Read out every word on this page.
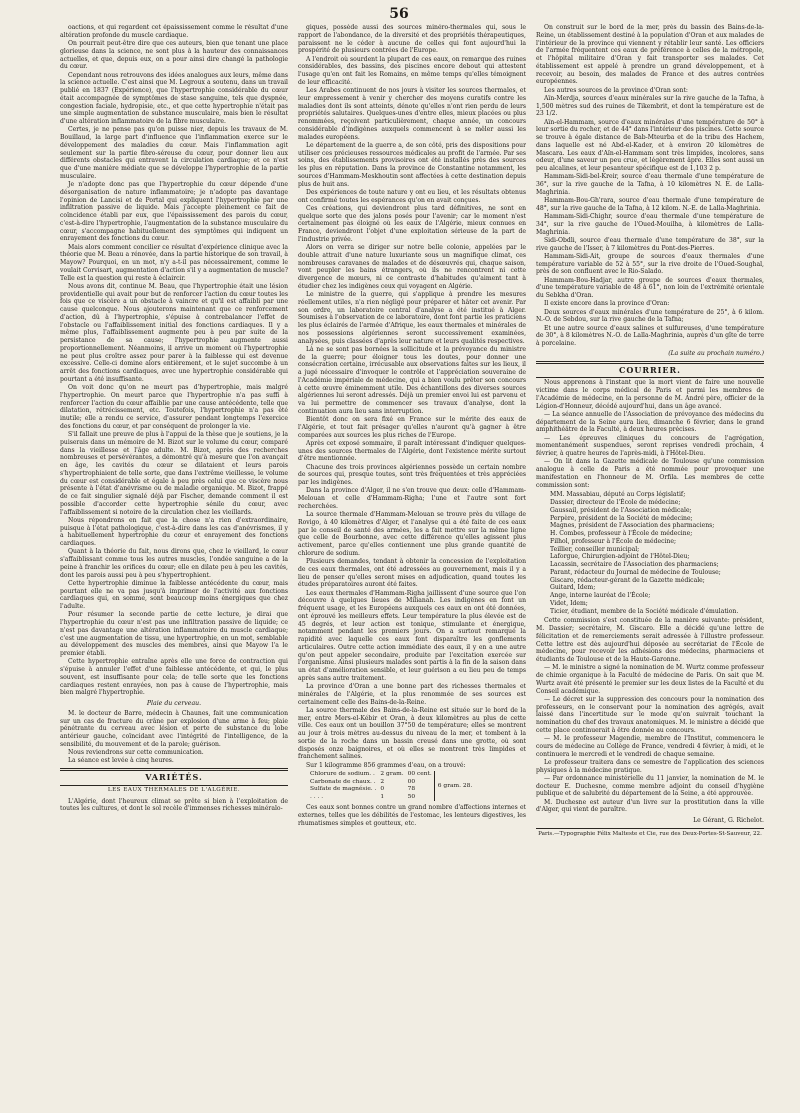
56

oactions, et qui regardent cet épaississement comme le résultat d'une altération profonde du muscle cardiaque.

On pourrait peut-être dire que ces auteurs, bien que tenant une place glorieuse dans la science, ne sont plus à la hauteur des connaissances actuelles, et que, depuis eux, on a pour ainsi dire changé la pathologie du cœur.

Cependant nous retrouvons des idées analogues aux leurs, même dans la science actuelle. C'est ainsi que M. Legroux a soutenu, dans un travail publié en 1837 (Expérience), que l'hypertrophie considérable du cœur était accompagnée de symptômes de stase sanguine, tels que dyspnée, congestion faciale, hydropisie, etc., et que cette hypertrophie n'était pas une simple augmentation de substance musculaire, mais bien le résultat d'une altération inflammatoire de la fibre musculaire.

Certes, je ne pense pas qu'on puisse nier, depuis les travaux de M. Bouillaud, la large part d'influence que l'inflammation exerce sur le développement des maladies du cœur. Mais l'inflammation agit seulement sur la partie fibro-séreuse du cœur, pour donner lieu aux différents obstacles qui entravent la circulation cardiaque; et ce n'est que d'une manière médiate que se développe l'hypertrophie de la partie musculaire.

Je n'adopte donc pas que l'hypertrophie du cœur dépende d'une désorganisation de nature inflammatoire; je n'adopte pas davantage l'opinion de Lancisi et de Portal qui expliquent l'hypertrophie par une infiltration passive de liquide. Mais j'accepte pleinement ce fait de coïncidence établi par eux, que l'épaississement des parois du cœur, c'est-à-dire l'hypertrophie, l'augmentation de la substance musculaire du cœur, s'accompagne habituellement des symptômes qui indiquent un enrayement des fonctions du cœur.

Mais alors comment concilier ce résultat d'expérience clinique avec la théorie que M. Beau a rénovée, dans la partie historique de son travail, à Mayow? Pourquoi, en un mot, n'y a-t-il pas nécessairement, comme le voulait Corvisart, augmentation d'action s'il y a augmentation de muscle? Telle est la question qui reste à éclaircir.

Nous avons dit, continue M. Beau, que l'hypertrophie était une lésion providentielle qui avait pour but de renforcer l'action du cœur toutes les fois que ce viscère a un obstacle à vaincre et qu'il est affaibli par une cause quelconque. Nous ajouterons maintenant que ce renforcement d'action, dû à l'hypertrophie, s'épuise à contrebalancer l'effet de l'obstacle ou l'affaiblissement initial des fonctions cardiaques. Il y a même plus, l'affaiblissement augmente peu à peu par suite de la persistance de sa cause; l'hypertrophie augmente aussi proportionnellement. Néanmoins, il arrive un moment où l'hypertrophie ne peut plus croître assez pour parer à la faiblesse qui est devenue excessive. Celle-ci domine alors entièrement, et le sujet succombe à un arrêt des fonctions cardiaques, avec une hypertrophie considérable qui pourtant a été insuffisante.

On voit donc qu'on ne meurt pas d'hypertrophie, mais malgré l'hypertrophie. On meurt parce que l'hypertrophie n'a pas suffi à renforcer l'action du cœur affaiblie par une cause antécédente, telle que dilatation, rétrécissement, etc. Toutefois, l'hypertrophie n'a pas été inutile; elle a rendu ce service, d'assurer pendant longtemps l'exercice des fonctions du cœur, et par conséquent de prolonger la vie.

S'il fallait une preuve de plus à l'appui de la thèse que je soutiens, je la puiserais dans un mémoire de M. Bizot sur le volume du cœur, comparé dans la vieillesse et l'âge adulte. M. Bizot, après des recherches nombreuses et persévérantes, a démontré qu'à mesure que l'on avançait en âge, les cavités du cœur se dilataient et leurs parois s'hypertrophiaient de telle sorte, que dans l'extrême vieillesse, le volume du cœur est considérable et égale à peu près celui que ce viscère nous présente à l'état d'anévrisme ou de maladie organique. M. Bizot, frappé de ce fait singulier signalé déjà par Fischer, demande comment il est possible d'accorder cette hypertrophie sénile du cœur, avec l'affaiblissement si notoire de la circulation chez les vieillards.

Nous répondrons en fait que la chose n'a rien d'extraordinaire, puisque à l'état pathologique, c'est-à-dire dans les cas d'anévrismes, il y a habituellement hypertrophie du cœur et enrayement des fonctions cardiaques.

Quant à la théorie du fait, nous dirons que, chez le vieillard, le cœur s'affaiblissant comme tous les autres muscles, l'ondée sanguine a de la peine à franchir les orifices du cœur; elle en dilate peu à peu les cavités, dont les parois aussi peu à peu s'hypertrophient.

Cette hypertrophie diminue la faiblesse antécédente du cœur, mais pourtant elle ne va pas jusqu'à imprimer de l'activité aux fonctions cardiaques qui, en somme, sont beaucoup moins énergiques que chez l'adulte.

Pour résumer la seconde partie de cette lecture, je dirai que l'hypertrophie du cœur n'est pas une infiltration passive de liquide; ce n'est pas davantage une altération inflammatoire du muscle cardiaque; c'est une augmentation de tissu, une hypertrophie, en un mot, semblable au développement des muscles des membres, ainsi que Mayow l'a le premier établi.

Cette hypertrophie entraîne après elle une force de contraction qui s'épuise à annuler l'effet d'une faiblesse antécédente, et qui, le plus souvent, est insuffisante pour cela; de telle sorte que les fonctions cardiaques restent enrayées, non pas à cause de l'hypertrophie, mais bien malgré l'hypertrophie.

Plaie du cerveau.

M. le docteur de Barre, médecin à Chaunes, fait une communication sur un cas de fracture du crâne par explosion d'une arme à feu; plaie pénétrante du cerveau avec lésion et perte de substance du lobe antérieur gauche, coïncidant avec l'intégrité de l'intelligence, de la sensibilité, du mouvement et de la parole; guérison.

Nous reviendrons sur cette communication.

La séance est levée à cinq heures.

VARIÉTÉS.
LES EAUX THERMALES DE L'ALGÉRIE.

L'Algérie, dont l'heureux climat se prête si bien à l'exploitation de toutes les cultures, et dont le sol recèle d'immenses richesses minéralo-

giques, possède aussi des sources minéro-thermales qui, sous le rapport de l'abondance, de la diversité et des propriétés thérapeutiques, paraissent ne le céder à aucune de celles qui font aujourd'hui la prospérité de plusieurs contrées de l'Europe.

A l'endroit où sourdent la plupart de ces eaux, on remarque des ruines considérables, des bassins, des piscines encore debout qui attestent l'usage qu'en ont fait les Romains, en même temps qu'elles témoignent de leur efficacité.

Les Arabes continuent de nos jours à visiter les sources thermales, et leur empressement à venir y chercher des moyens curatifs contre les maladies dont ils sont atteints, dénote qu'elles n'ont rien perdu de leurs propriétés salutaires. Quelques-unes d'entre elles, mieux placées ou plus renommées, reçoivent particulièrement, chaque année, un concours considérable d'indigènes auxquels commencent à se mêler aussi les malades européens.

Le département de la guerre a, de son côté, pris des dispositions pour utiliser ces précieuses ressources médicales au profit de l'armée. Par ses soins, des établissements provisoires ont été installés près des sources les plus en réputation. Dans la province de Constantine notamment, les sources d'Hammam-Meskhoutin sont affectées à cette destination depuis plus de huit ans.

Des expériences de toute nature y ont eu lieu, et les résultats obtenus ont confirmé toutes les espérances qu'on en avait conçues.

Ces créations, qui deviendront plus tard définitives, ne sont en quelque sorte que des jalons posés pour l'avenir; car le moment n'est certainement pas éloigné où les eaux de l'Algérie, mieux connues en France, deviendront l'objet d'une exploitation sérieuse de la part de l'industrie privée.

Alors on verra se diriger sur notre belle colonie, appelées par le double attrait d'une nature luxuriante sous un magnifique climat, ces nombreuses caravanes de malades et de désœuvrés qui, chaque saison, vont peupler les bains étrangers, où ils ne rencontrent ni cette divergence de mœurs, ni ce contraste d'habitudes qu'aiment tant à étudier chez les indigènes ceux qui voyagent en Algérie.

Le ministre de la guerre, qui s'applique à prendre les mesures réellement utiles, n'a rien négligé pour préparer et hâter cet avenir. Par son ordre, un laboratoire central d'analyse a été institué à Alger. Soumises à l'observation de ce laboratoire, dont font partie les praticiens les plus éclairés de l'armée d'Afrique, les eaux thermales et minérales de nos possessions algériennes seront successivement examinées, analysées, puis classées d'après leur nature et leurs qualités respectives.

Là ne se sont pas bornées la sollicitude et la prévoyance du ministre de la guerre; pour éloigner tous les doutes, pour donner une consécration certaine, irrécusable aux observations faites sur les lieux, il a jugé nécessaire d'invoquer le contrôle et l'appréciation souveraine de l'Académie impériale de médecine, qui a bien voulu prêter son concours à cette œuvre éminemment utile. Des échantillons des diverses sources algériennes lui seront adressés. Déjà un premier envoi lui est parvenu et va lui permettre de commencer ses travaux d'analyse, dont la continuation aura lieu sans interruption.

Bientôt donc on sera fixé en France sur le mérite des eaux de l'Algérie, et tout fait présager qu'elles n'auront qu'à gagner à être comparées aux sources les plus riches de l'Europe.

Après cet exposé sommaire, il paraît intéressant d'indiquer quelques-unes des sources thermales de l'Algérie, dont l'existence mérite surtout d'être mentionnée.

Chacune des trois provinces algériennes possède un certain nombre de sources qui, presque toutes, sont très fréquentées et très appréciées par les indigènes.

Dans la province d'Alger, il ne s'en trouve que deux: celle d'Hammam-Melouan et celle d'Hammam-Righa; l'une et l'autre sont fort recherchées.

La source thermale d'Hammam-Melouan se trouve près du village de Rovigo, à 40 kilomètres d'Alger, et l'analyse qui a été faite de ces eaux par le conseil de santé des armées, les a fait mettre sur la même ligne que celle de Bourbonne, avec cette différence qu'elles agissent plus activement, parce qu'elles contiennent une plus grande quantité de chlorure de sodium.

Plusieurs demandes, tendant à obtenir la concession de l'exploitation de ces eaux thermales, ont été adressées au gouvernement, mais il y a lieu de penser qu'elles seront mises en adjudication, quand toutes les études préparatoires auront été faites.

Les eaux thermales d'Hammam-Righa jaillissent d'une source que l'on découvre à quelques lieues de Milianah. Les indigènes en font un fréquent usage, et les Européens auxquels ces eaux en ont été données, ont éprouvé les meilleurs effets. Leur température la plus élevée est de 45 degrés, et leur action est tonique, stimulante et énergique, notamment pendant les premiers jours. On a surtout remarqué la rapidité avec laquelle ces eaux font disparaître les gonflements articulaires. Outre cette action immédiate des eaux, il y en a une autre qu'on peut appeler secondaire, produite par l'excitation exercée sur l'organisme. Ainsi plusieurs malades sont partis à la fin de la saison dans un état d'amélioration sensible, et leur guérison a eu lieu peu de temps après sans autre traitement.

La province d'Oran a une bonne part des richesses thermales et minérales de l'Algérie, et la plus renommée de ses sources est certainement celle des Bains-de-la-Reine.

La source thermale des Bains-de-la-Reine est située sur le bord de la mer, entre Mers-el-Kébir et Oran, à deux kilomètres au plus de cette ville. Ces eaux ont un bouillon 37°50 de température; elles se montrent au jour à trois mètres au-dessus du niveau de la mer, et tombent à la sortie de la roche dans un bassin creusé dans une grotte, où sont disposés onze baignoires, et où elles se montrent très limpides et franchement salines.

Sur 1 kilogramme 856 grammes d'eau, on a trouvé:

Chlorure de sodium. .	2 gram.	00 cent.	6 gram. 28.
Carbonate de chaux. .	2	00	
Sulfate de magnésie. .	0	78	
. . . .	1	50	

Ces eaux sont bonnes contre un grand nombre d'affections internes et externes, telles que les débilités de l'estomac, les lenteurs digestives, les rhumatismes simples et goutteux, etc.

On construit sur le bord de la mer, près du bassin des Bains-de-la-Reine, un établissement destiné à la population d'Oran et aux malades de l'intérieur de la province qui viennent y rétablir leur santé. Les officiers de l'armée fréquentent ces eaux de préférence à celles de la métropole, et l'hôpital militaire d'Oran y fait transporter ses malades. Cet établissement est appelé à prendre un grand développement, et à recevoir, au besoin, des malades de France et des autres contrées européennes.

Les autres sources de la province d'Oran sont:

Aïn-Merdja, sources d'eaux minérales sur la rive gauche de la Tafna, à 1,500 mètres sud des ruines de Tikembrit, et dont la température est de 23 1/2.

Aïn-el-Hammam, source d'eaux minérales d'une température de 50° à leur sortie du rocher, et de 44° dans l'intérieur des piscines. Cette source se trouve à égale distance de Bab-Mteurba et de la tribu des Hachem, dans laquelle est né Abd-el-Kader, et à environ 20 kilomètres de Mascara. Les eaux d'Aïn-el-Hammam sont très limpides, incolores, sans odeur, d'une saveur un peu crue, et légèrement âpre. Elles sont aussi un peu alcalines, et leur pesanteur spécifique est de 1,103 2 p.

Hammam-Sidi-bel-Kreir, source d'eau thermale d'une température de 36°, sur la rive gauche de la Tafna, à 10 kilomètres N. E. de Lalla-Maghrinia.

Hammam-Bou-Gh'rara, source d'eau thermale d'une température de 48°, sur la rive gauche de la Tafna, à 12 kilom. N.-E. de Lalla-Maghrinia.

Hammam-Sidi-Chighr, source d'eau thermale d'une température de 34°, sur la rive gauche de l'Oued-Mouilha, à kilomètres de Lalla-Maghrinia.

Sidi-Obdli, source d'eau thermale d'une température de 38°, sur la rive gauche de l'Isser, à 7 kilomètres du Pont-des-Pierres.

Hammam-Sidi-Ait, groupe de sources d'eaux thermales d'une température variable de 52 à 55°, sur la rive droite de l'Oued-Soughal, près de son confluent avec le Rio-Salado.

Hammam-Bou-Hadjar, autre groupe de sources d'eaux thermales, d'une température variable de 48 à 61°, non loin de l'extrémité orientale du Sebkha d'Oran.

Il existe encore dans la province d'Oran:

Deux sources d'eaux minérales d'une température de 25°, à 6 kilom. N.-O. de Sebdou, sur la rive gauche de la Tafna;

Et une autre source d'eaux salines et sulfureuses, d'une température de 30°, à 8 kilomètres N.-O. de Lalla-Maghrinia, auprès d'un gîte de terre à porcelaine.

(La suite au prochain numéro.)
COURRIER.

Nous apprenons à l'instant que la mort vient de faire une nouvelle victime dans le corps médical de Paris et parmi les membres de l'Académie de médecine, en la personne de M. André père, officier de la Légion-d'Honneur, décédé aujourd'hui, dans un âge avancé.

— La séance annuelle de l'Association de prévoyance des médecins du département de la Seine aura lieu, dimanche 6 février, dans le grand amphithéâtre de la Faculté, à deux heures précises.

— Les épreuves cliniques du concours de l'agrégation, momentanément suspendues, seront reprises vendredi prochain, 4 février, à quatre heures de l'après-midi, à l'Hôtel-Dieu.

— On lit dans la Gazette médicale de Toulouse qu'une commission analogue à celle de Paris a été nommée pour provoquer une manifestation en l'honneur de M. Orfila. Les membres de cette commission sont:

MM. Massabiau, député au Corps législatif;
Dassier, directeur de l'École de médecine;
Gaussail, président de l'Association médicale;
Perpère, président de la Société de médecine;
Magnes, président de l'Association des pharmaciens;
H. Combes, professeur à l'École de médecine;
Filhol, professeur à l'École de médecine;
Teillier, conseiller municipal;
Laforgue, Chirurgien-adjoint de l'Hôtel-Dieu;
Lacassin, secrétaire de l'Association des pharmaciens;
Parant, rédacteur du Journal de médecine de Toulouse;
Giscaro, rédacteur-gérant de la Gazette médicale;
Guitard, Idem;
Ange, interne lauréat de l'École;
Videt, Idem;
Ticier, étudiant, membre de la Société médicale d'émulation.

Cette commission s'est constituée de la manière suivante: président, M. Dassier; secrétaire, M. Giscaro. Elle a décidé qu'une lettre de félicitation et de remerciements serait adressée à l'illustre professeur. Cette lettre est dès aujourd'hui déposée au secrétariat de l'École de médecine, pour recevoir les adhésions des médecins, pharmaciens et étudiants de Toulouse et de la Haute-Garonne.

— M. le ministre a signé la nomination de M. Wurtz comme professeur de chimie organique à la Faculté de médecine de Paris. On sait que M. Wurtz avait été présenté le premier sur les deux listes de la Faculté et du Conseil académique.

— Le décret sur la suppression des concours pour la nomination des professeurs, en le conservant pour la nomination des agrégés, avait laissé dans l'incertitude sur le mode qu'on suivrait touchant la nomination du chef des travaux anatomiques. M. le ministre a décidé que cette place continuerait à être donnée au concours.

— M. le professeur Magendie, membre de l'Institut, commencera le cours de médecine au Collège de France, vendredi 4 février, à midi, et le continuera le mercredi et le vendredi de chaque semaine.

Le professeur traitera dans ce semestre de l'application des sciences physiques à la médecine pratique.

— Par ordonnance ministérielle du 11 janvier, la nomination de M. le docteur E. Duchesne, comme membre adjoint du conseil d'hygiène publique et de salubrité du département de la Seine, a été approuvée.

M. Duchesne est auteur d'un livre sur la prostitution dans la ville d'Alger, qui vient de paraître.

Le Gérant, G. Richelot.
Paris.—Typographie Félix Malteste et Cie, rue des Deux-Portes-St-Sauveur, 22.
